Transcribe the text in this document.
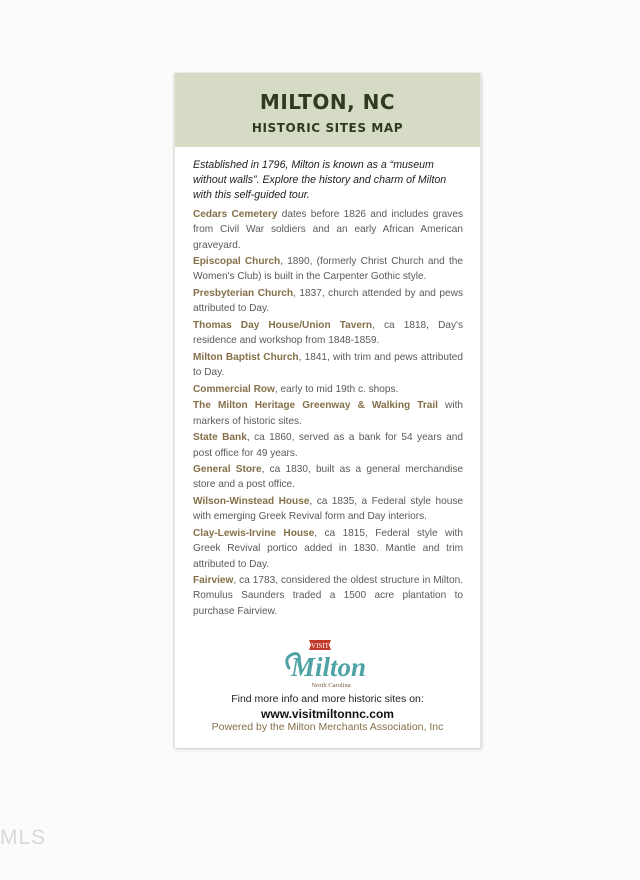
MILTON, NC
HISTORIC SITES MAP
Established in 1796, Milton is known as a “museum without walls”. Explore the history and charm of Milton with this self-guided tour.
Cedars Cemetery dates before 1826 and includes graves from Civil War soldiers and an early African American graveyard.
Episcopal Church, 1890, (formerly Christ Church and the Women's Club) is built in the Carpenter Gothic style.
Presbyterian Church, 1837, church attended by and pews attributed to Day.
Thomas Day House/Union Tavern, ca 1818, Day's residence and workshop from 1848-1859.
Milton Baptist Church, 1841, with trim and pews attributed to Day.
Commercial Row, early to mid 19th c. shops.
The Milton Heritage Greenway & Walking Trail with markers of historic sites.
State Bank, ca 1860, served as a bank for 54 years and post office for 49 years.
General Store, ca 1830, built as a general merchandise store and a post office.
Wilson-Winstead House, ca 1835, a Federal style house with emerging Greek Revival form and Day interiors.
Clay-Lewis-Irvine House, ca 1815, Federal style with Greek Revival portico added in 1830. Mantle and trim attributed to Day.
Fairview, ca 1783, considered the oldest structure in Milton. Romulus Saunders traded a 1500 acre plantation to purchase Fairview.
VISIT
Milton
North Carolina
Find more info and more historic sites on:
www.visitmiltonnc.com
Powered by the Milton Merchants Association, Inc
MLS
